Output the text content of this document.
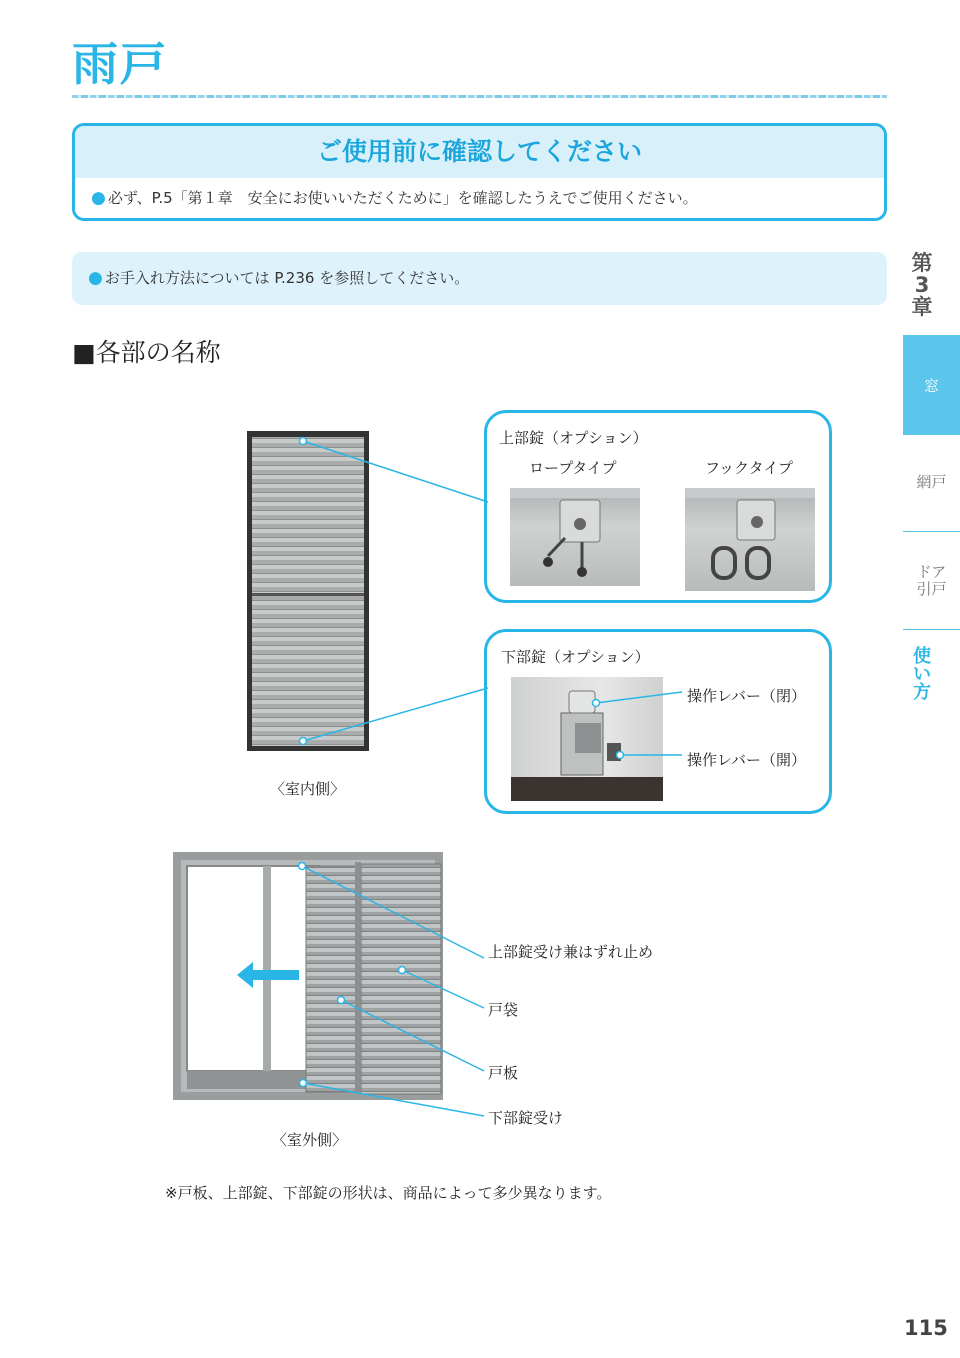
雨戸
ご使用前に確認してください
● 必ず、P.5「第１章　安全にお使いいただくために」を確認したうえでご使用ください。
● お手入れ方法については P.236 を参照してください。
■各部の名称
第
3
章
窓
網戸
ドア
引戸
使
い
方
〈室内側〉
上部錠（オプション）
ロープタイプ	フックタイプ
下部錠（オプション）
操作レバー（閉）
操作レバー（開）
〈室外側〉
上部錠受け兼はずれ止め
戸袋
戸板
下部錠受け
※戸板、上部錠、下部錠の形状は、商品によって多少異なります。
115
